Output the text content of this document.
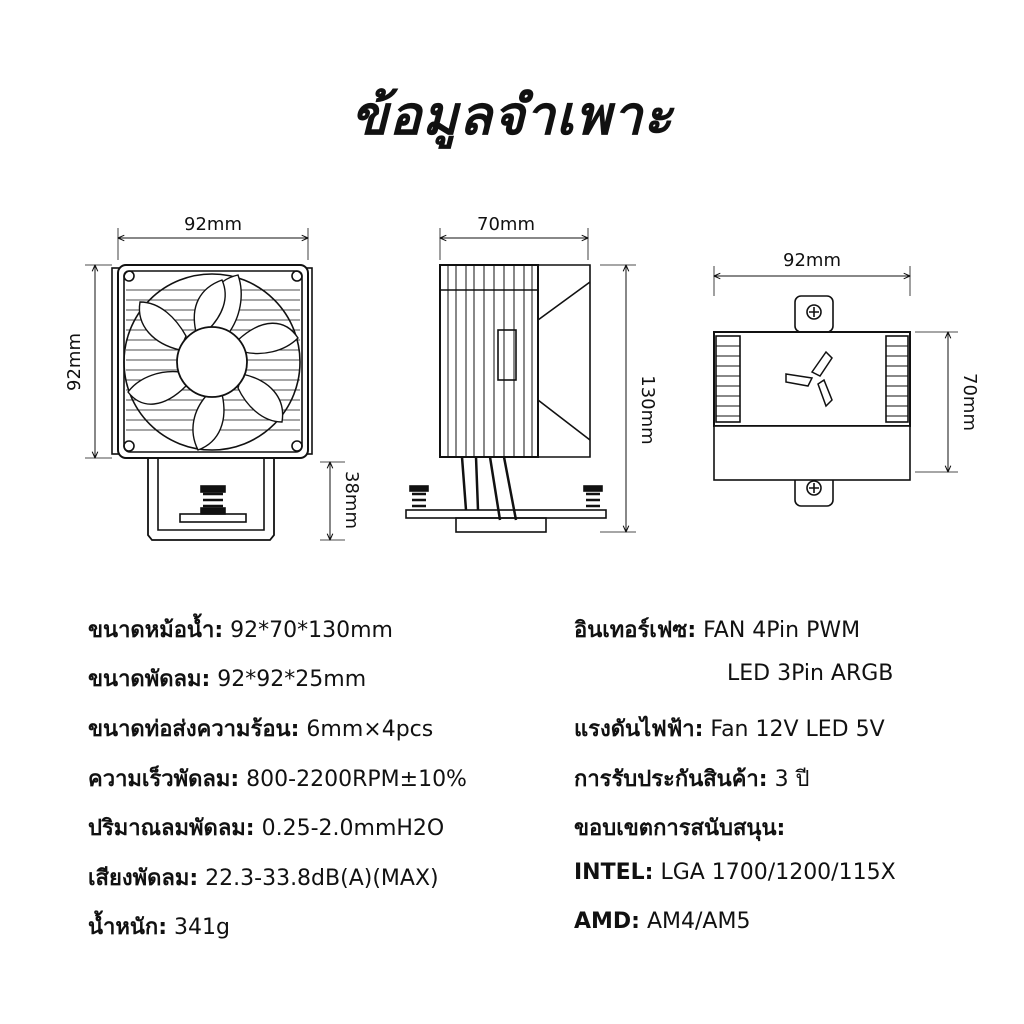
ข้อมูลจำเพาะ
92mm
92mm
38mm
70mm
130mm
92mm
70mm
ขนาดหม้อน้ำ: 92*70*130mm
ขนาดพัดลม: 92*92*25mm
ขนาดท่อส่งความร้อน: 6mm×4pcs
ความเร็วพัดลม: 800-2200RPM±10%
ปริมาณลมพัดลม: 0.25-2.0mmH2O
เสียงพัดลม: 22.3-33.8dB(A)(MAX)
น้ำหนัก: 341g
อินเทอร์เฟซ: FAN 4Pin PWM
LED 3Pin ARGB
แรงดันไฟฟ้า: Fan 12V LED 5V
การรับประกันสินค้า: 3 ปี
ขอบเขตการสนับสนุน:
INTEL: LGA 1700/1200/115X
AMD: AM4/AM5
